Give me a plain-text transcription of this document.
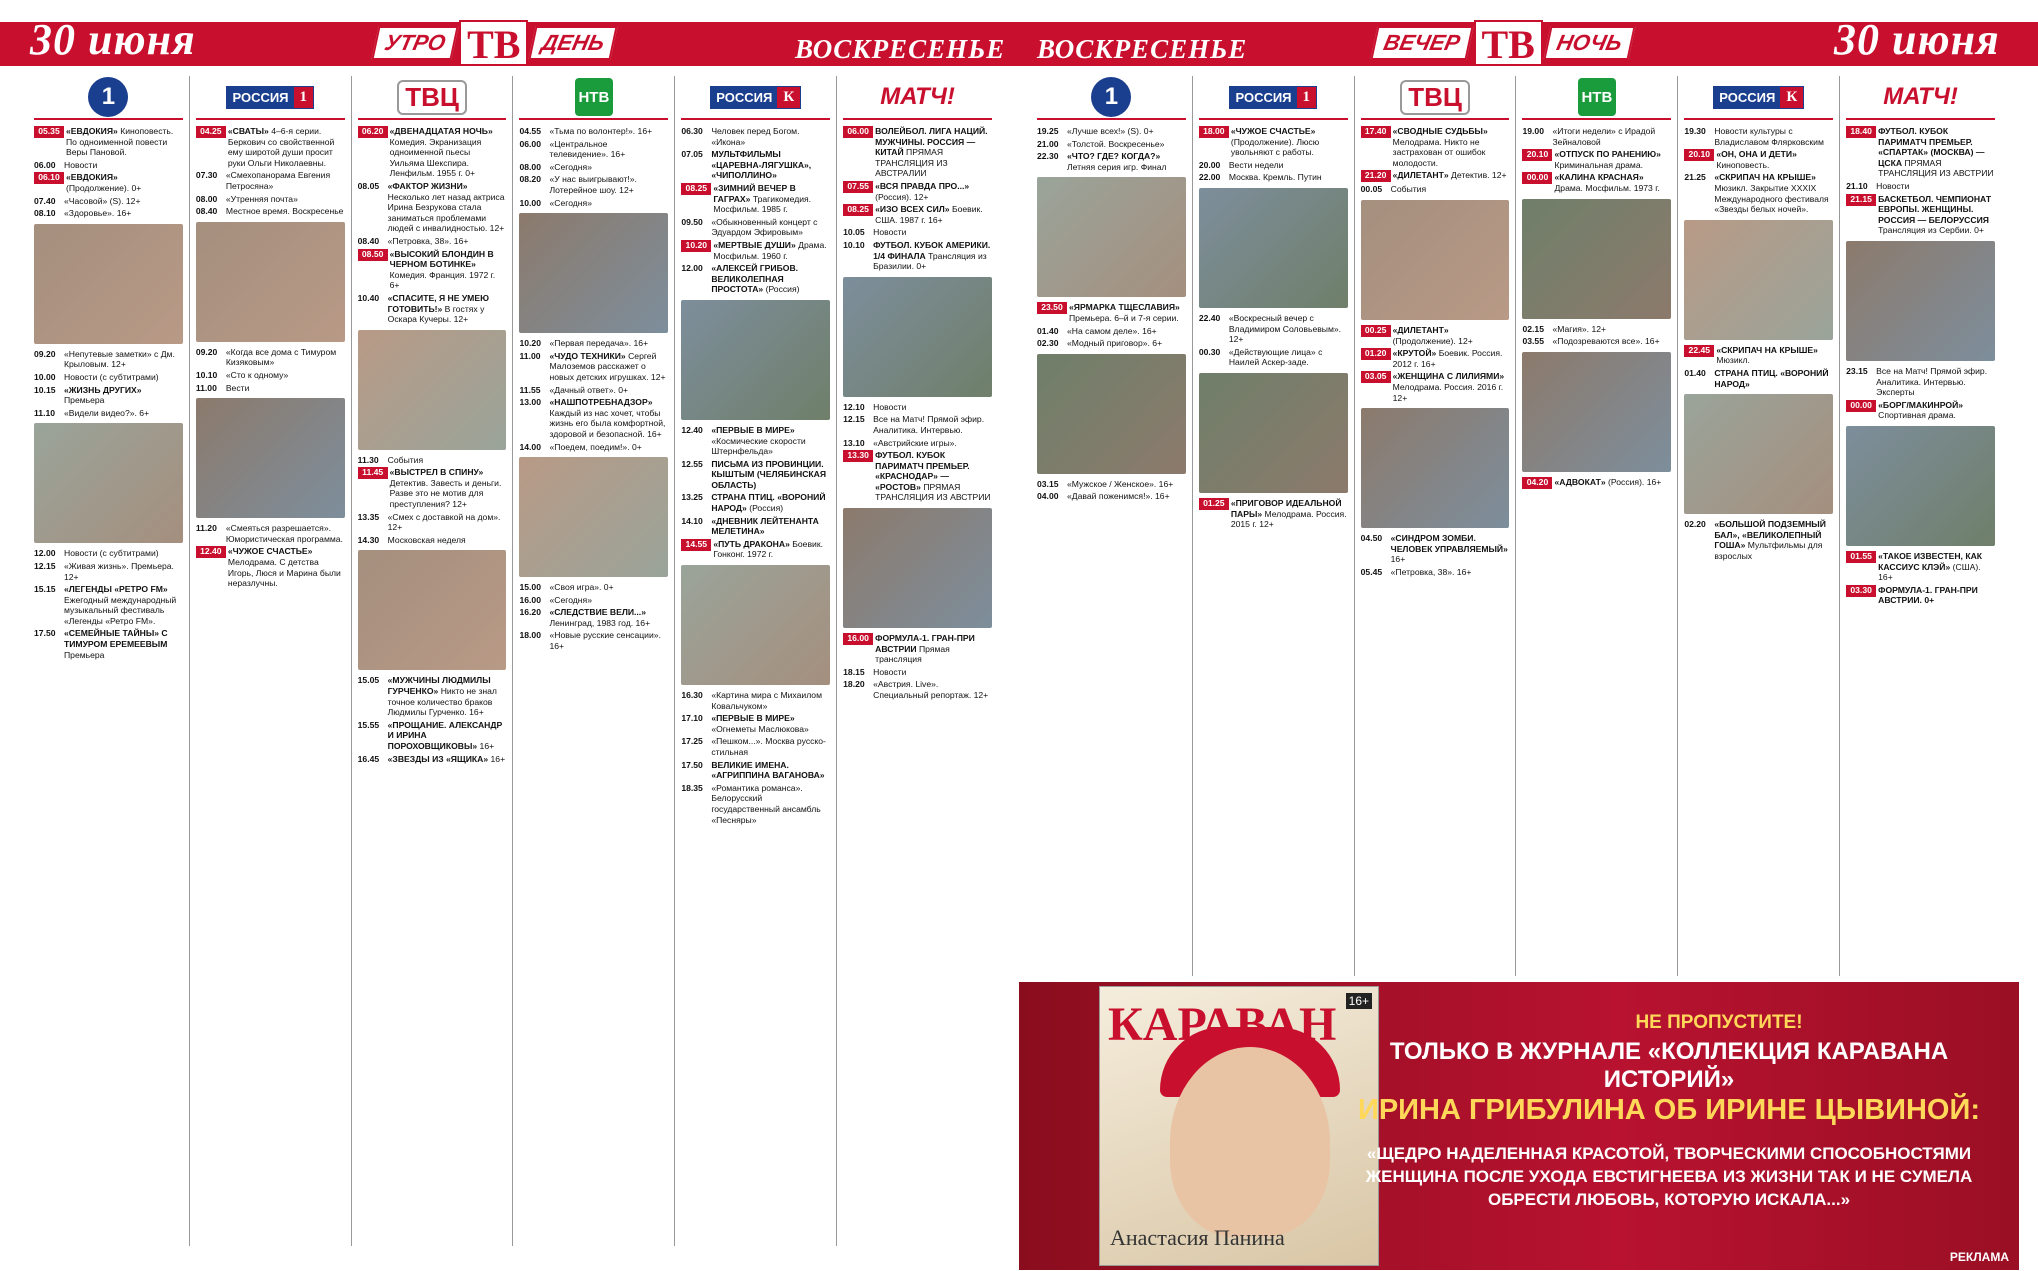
30 июня	УТРО ТВ ДЕНЬ	ВОСКРЕСЕНЬЕ
1
05.35 «ЕВДОКИЯ» Киноповесть. По одноименной повести Веры Пановой.
06.00 Новости
06.10 «ЕВДОКИЯ» (Продолжение). 0+
07.40 «Часовой» (S). 12+
08.10 «Здоровье». 16+
09.20 «Непутевые заметки» с Дм. Крыловым. 12+
10.00 Новости (с субтитрами)
10.15 «ЖИЗНЬ ДРУГИХ» Премьера
11.10	«Видели видео?». 6+
12.00 Новости (с субтитрами)
12.15 «Живая жизнь». Премьера. 12+
15.15 «ЛЕГЕНДЫ «РЕТРО FM» Ежегодный международный музыкальный фестиваль «Легенды «Ретро FM».
17.50 «СЕМЕЙНЫЕ ТАЙНЫ» С ТИМУРОМ ЕРЕМЕЕВЫМ Премьера
РОССИЯ 1
04.25 «СВАТЫ» 4–6-я серии. Беркович со свойственной ему широтой души просит руки Ольги Николаевны.
07.30 «Смехопанорама Евгения Петросяна»
08.00 «Утренняя почта»
08.40 Местное время. Воскресенье
09.20 «Когда все дома с Тимуром Кизяковым»
10.10 «Сто к одному»
11.00	Вести
11.20	«Смеяться разрешается». Юмористическая программа.
12.40 «ЧУЖОЕ СЧАСТЬЕ» Мелодрама. С детства Игорь, Люся и Марина были неразлучны.
ТВЦ
06.20 «ДВЕНАДЦАТАЯ НОЧЬ» Комедия. Экранизация одноименной пьесы Уильяма Шекспира. Ленфильм. 1955 г. 0+
08.05 «ФАКТОР ЖИЗНИ» Несколько лет назад актриса Ирина Безрукова стала заниматься проблемами людей с инвалидностью. 12+
08.40 «Петровка, 38». 16+
08.50 «ВЫСОКИЙ БЛОНДИН В ЧЕРНОМ БОТИНКЕ» Комедия. Франция. 1972 г. 6+
10.40 «СПАСИТЕ, Я НЕ УМЕЮ ГОТОВИТЬ!» В гостях у Оскара Кучеры. 12+
11.30	События
11.45 «ВЫСТРЕЛ В СПИНУ» Детектив. Завесть и деньги. Разве это не мотив для преступления? 12+
13.35 «Смех с доставкой на дом». 12+
14.30 Московская неделя
15.05 «МУЖЧИНЫ ЛЮДМИЛЫ ГУРЧЕНКО» Никто не знал точное количество браков Людмилы Гурченко. 16+
15.55 «ПРОЩАНИЕ. АЛЕКСАНДР И ИРИНА ПОРОХОВЩИКОВЫ» 16+
16.45 «ЗВЕЗДЫ ИЗ «ЯЩИКА» 16+
НТВ
04.55 «Тьма по волонтер!». 16+
06.00 «Центральное телевидение». 16+
08.00 «Сегодня»
08.20 «У нас выигрывают!». Лотерейное шоу. 12+
10.00 «Сегодня»
10.20 «Первая передача». 16+
11.00	«ЧУДО ТЕХНИКИ» Сергей Малоземов расскажет о новых детских игрушках. 12+
11.55	«Дачный ответ». 0+
13.00 «НАШПОТРЕБНАДЗОР» Каждый из нас хочет, чтобы жизнь его была комфортной, здоровой и безопасной. 16+
14.00 «Поедем, поедим!». 0+
15.00 «Своя игра». 0+
16.00 «Сегодня»
16.20 «СЛЕДСТВИЕ ВЕЛИ...» Ленинград, 1983 год. 16+
18.00 «Новые русские сенсации». 16+
РОССИЯ К
06.30 Человек перед Богом. «Икона»
07.05 МУЛЬТФИЛЬМЫ «ЦАРЕВНА-ЛЯГУШКА», «ЧИПОЛЛИНО»
08.25 «ЗИМНИЙ ВЕЧЕР В ГАГРАХ» Трагикомедия. Мосфильм. 1985 г.
09.50 «Обыкновенный концерт с Эдуардом Эфировым»
10.20 «МЕРТВЫЕ ДУШИ» Драма. Мосфильм. 1960 г.
12.00 «АЛЕКСЕЙ ГРИБОВ. ВЕЛИКОЛЕПНАЯ ПРОСТОТА» (Россия)
12.40 «ПЕРВЫЕ В МИРЕ» «Космические скорости Штернфельда»
12.55 ПИСЬМА ИЗ ПРОВИНЦИИ. КЫШТЫМ (ЧЕЛЯБИНСКАЯ ОБЛАСТЬ)
13.25 СТРАНА ПТИЦ. «ВОРОНИЙ НАРОД» (Россия)
14.10 «ДНЕВНИК ЛЕЙТЕНАНТА МЕЛЕТИНА»
14.55 «ПУТЬ ДРАКОНА» Боевик. Гонконг. 1972 г.
16.30 «Картина мира с Михаилом Ковальчуком»
17.10 «ПЕРВЫЕ В МИРЕ» «Огнеметы Маслюкова»
17.25 «Пешком...». Москва русско-стильная
17.50 ВЕЛИКИЕ ИМЕНА. «АГРИППИНА ВАГАНОВА»
18.35 «Романтика романса». Белорусский государственный ансамбль «Песняры»
МАТЧ!
06.00 ВОЛЕЙБОЛ. ЛИГА НАЦИЙ. МУЖЧИНЫ. РОССИЯ — КИТАЙ ПРЯМАЯ ТРАНСЛЯЦИЯ ИЗ АВСТРАЛИИ
07.55 «ВСЯ ПРАВДА ПРО...» (Россия). 12+
08.25 «ИЗО ВСЕХ СИЛ» Боевик. США. 1987 г. 16+
10.05 Новости
10.10 ФУТБОЛ. КУБОК АМЕРИКИ. 1/4 ФИНАЛА Трансляция из Бразилии. 0+
12.10 Новости
12.15 Все на Матч! Прямой эфир. Аналитика. Интервью.
13.10 «Австрийские игры».
13.30 ФУТБОЛ. КУБОК ПАРИМАТЧ ПРЕМЬЕР. «КРАСНОДАР» — «РОСТОВ» ПРЯМАЯ ТРАНСЛЯЦИЯ ИЗ АВСТРИИ
16.00 ФОРМУЛА-1. ГРАН-ПРИ АВСТРИИ Прямая трансляция
18.15 Новости
18.20 «Австрия. Live». Специальный репортаж. 12+
ВОСКРЕСЕНЬЕ	ВЕЧЕР ТВ НОЧЬ	30 июня
1
19.25 «Лучше всех!» (S). 0+
21.00 «Толстой. Воскресенье»
22.30 «ЧТО? ГДЕ? КОГДА?» Летняя серия игр. Финал
23.50 «ЯРМАРКА ТЩЕСЛАВИЯ» Премьера. 6–й и 7-я серии.
01.40 «На самом деле». 16+
02.30 «Модный приговор». 6+
03.15 «Мужское / Женское». 16+
04.00 «Давай поженимся!». 16+
РОССИЯ 1
18.00 «ЧУЖОЕ СЧАСТЬЕ» (Продолжение). Люсю увольняют с работы.
20.00 Вести недели
22.00 Москва. Кремль. Путин
22.40 «Воскресный вечер с Владимиром Соловьевым». 12+
00.30 «Действующие лица» с Наилей Аскер-заде.
01.25 «ПРИГОВОР ИДЕАЛЬНОЙ ПАРЫ» Мелодрама. Россия. 2015 г. 12+
ТВЦ
17.40 «СВОДНЫЕ СУДЬБЫ» Мелодрама. Никто не застрахован от ошибок молодости.
21.20 «ДИЛЕТАНТ» Детектив. 12+
00.05 События
00.25 «ДИЛЕТАНТ» (Продолжение). 12+
01.20 «КРУТОЙ» Боевик. Россия. 2012 г. 16+
03.05 «ЖЕНЩИНА С ЛИЛИЯМИ» Мелодрама. Россия. 2016 г. 12+
04.50 «СИНДРОМ ЗОМБИ. ЧЕЛОВЕК УПРАВЛЯЕМЫЙ» 16+
05.45 «Петровка, 38». 16+
НТВ
19.00 «Итоги недели» с Ирадой Зейналовой
20.10 «ОТПУСК ПО РАНЕНИЮ» Криминальная драма.
00.00 «КАЛИНА КРАСНАЯ» Драма. Мосфильм. 1973 г.
02.15 «Магия». 12+
03.55 «Подозреваются все». 16+
04.20 «АДВОКАТ» (Россия). 16+
РОССИЯ К
19.30 Новости культуры с Владиславом Флярковским
20.10 «ОН, ОНА И ДЕТИ» Киноповесть.
21.25 «СКРИПАЧ НА КРЫШЕ» Мюзикл. Закрытие XXXIX Международного фестиваля «Звезды белых ночей».
22.45 «СКРИПАЧ НА КРЫШЕ» Мюзикл.
01.40 СТРАНА ПТИЦ. «ВОРОНИЙ НАРОД»
02.20 «БОЛЬШОЙ ПОДЗЕМНЫЙ БАЛ», «ВЕЛИКОЛЕПНЫЙ ГОША» Мультфильмы для взрослых
МАТЧ!
18.40 ФУТБОЛ. КУБОК ПАРИМАТЧ ПРЕМЬЕР. «СПАРТАК» (МОСКВА) — ЦСКА ПРЯМАЯ ТРАНСЛЯЦИЯ ИЗ АВСТРИИ
21.10 Новости
21.15 БАСКЕТБОЛ. ЧЕМПИОНАТ ЕВРОПЫ. ЖЕНЩИНЫ. РОССИЯ — БЕЛОРУССИЯ Трансляция из Сербии. 0+
23.15 Все на Матч! Прямой эфир. Аналитика. Интервью. Эксперты
00.00 «БОРГ/МАКИНРОЙ» Спортивная драма.
01.55 «ТАКОЕ ИЗВЕСТЕН, КАК КАССИУС КЛЭЙ» (США). 16+
03.30 ФОРМУЛА-1. ГРАН-ПРИ АВСТРИИ. 0+
КАРАВАН 16+
Анастасия Панина
НЕ ПРОПУСТИТЕ!
ТОЛЬКО В ЖУРНАЛЕ «КОЛЛЕКЦИЯ КАРАВАНА ИСТОРИЙ»
ИРИНА ГРИБУЛИНА ОБ ИРИНЕ ЦЫВИНОЙ:
«ЩЕДРО НАДЕЛЕННАЯ КРАСОТОЙ, ТВОРЧЕСКИМИ СПОСОБНОСТЯМИ ЖЕНЩИНА ПОСЛЕ УХОДА ЕВСТИГНЕЕВА ИЗ ЖИЗНИ ТАК И НЕ СУМЕЛА ОБРЕСТИ ЛЮБОВЬ, КОТОРУЮ ИСКАЛА...»
РЕКЛАМА
